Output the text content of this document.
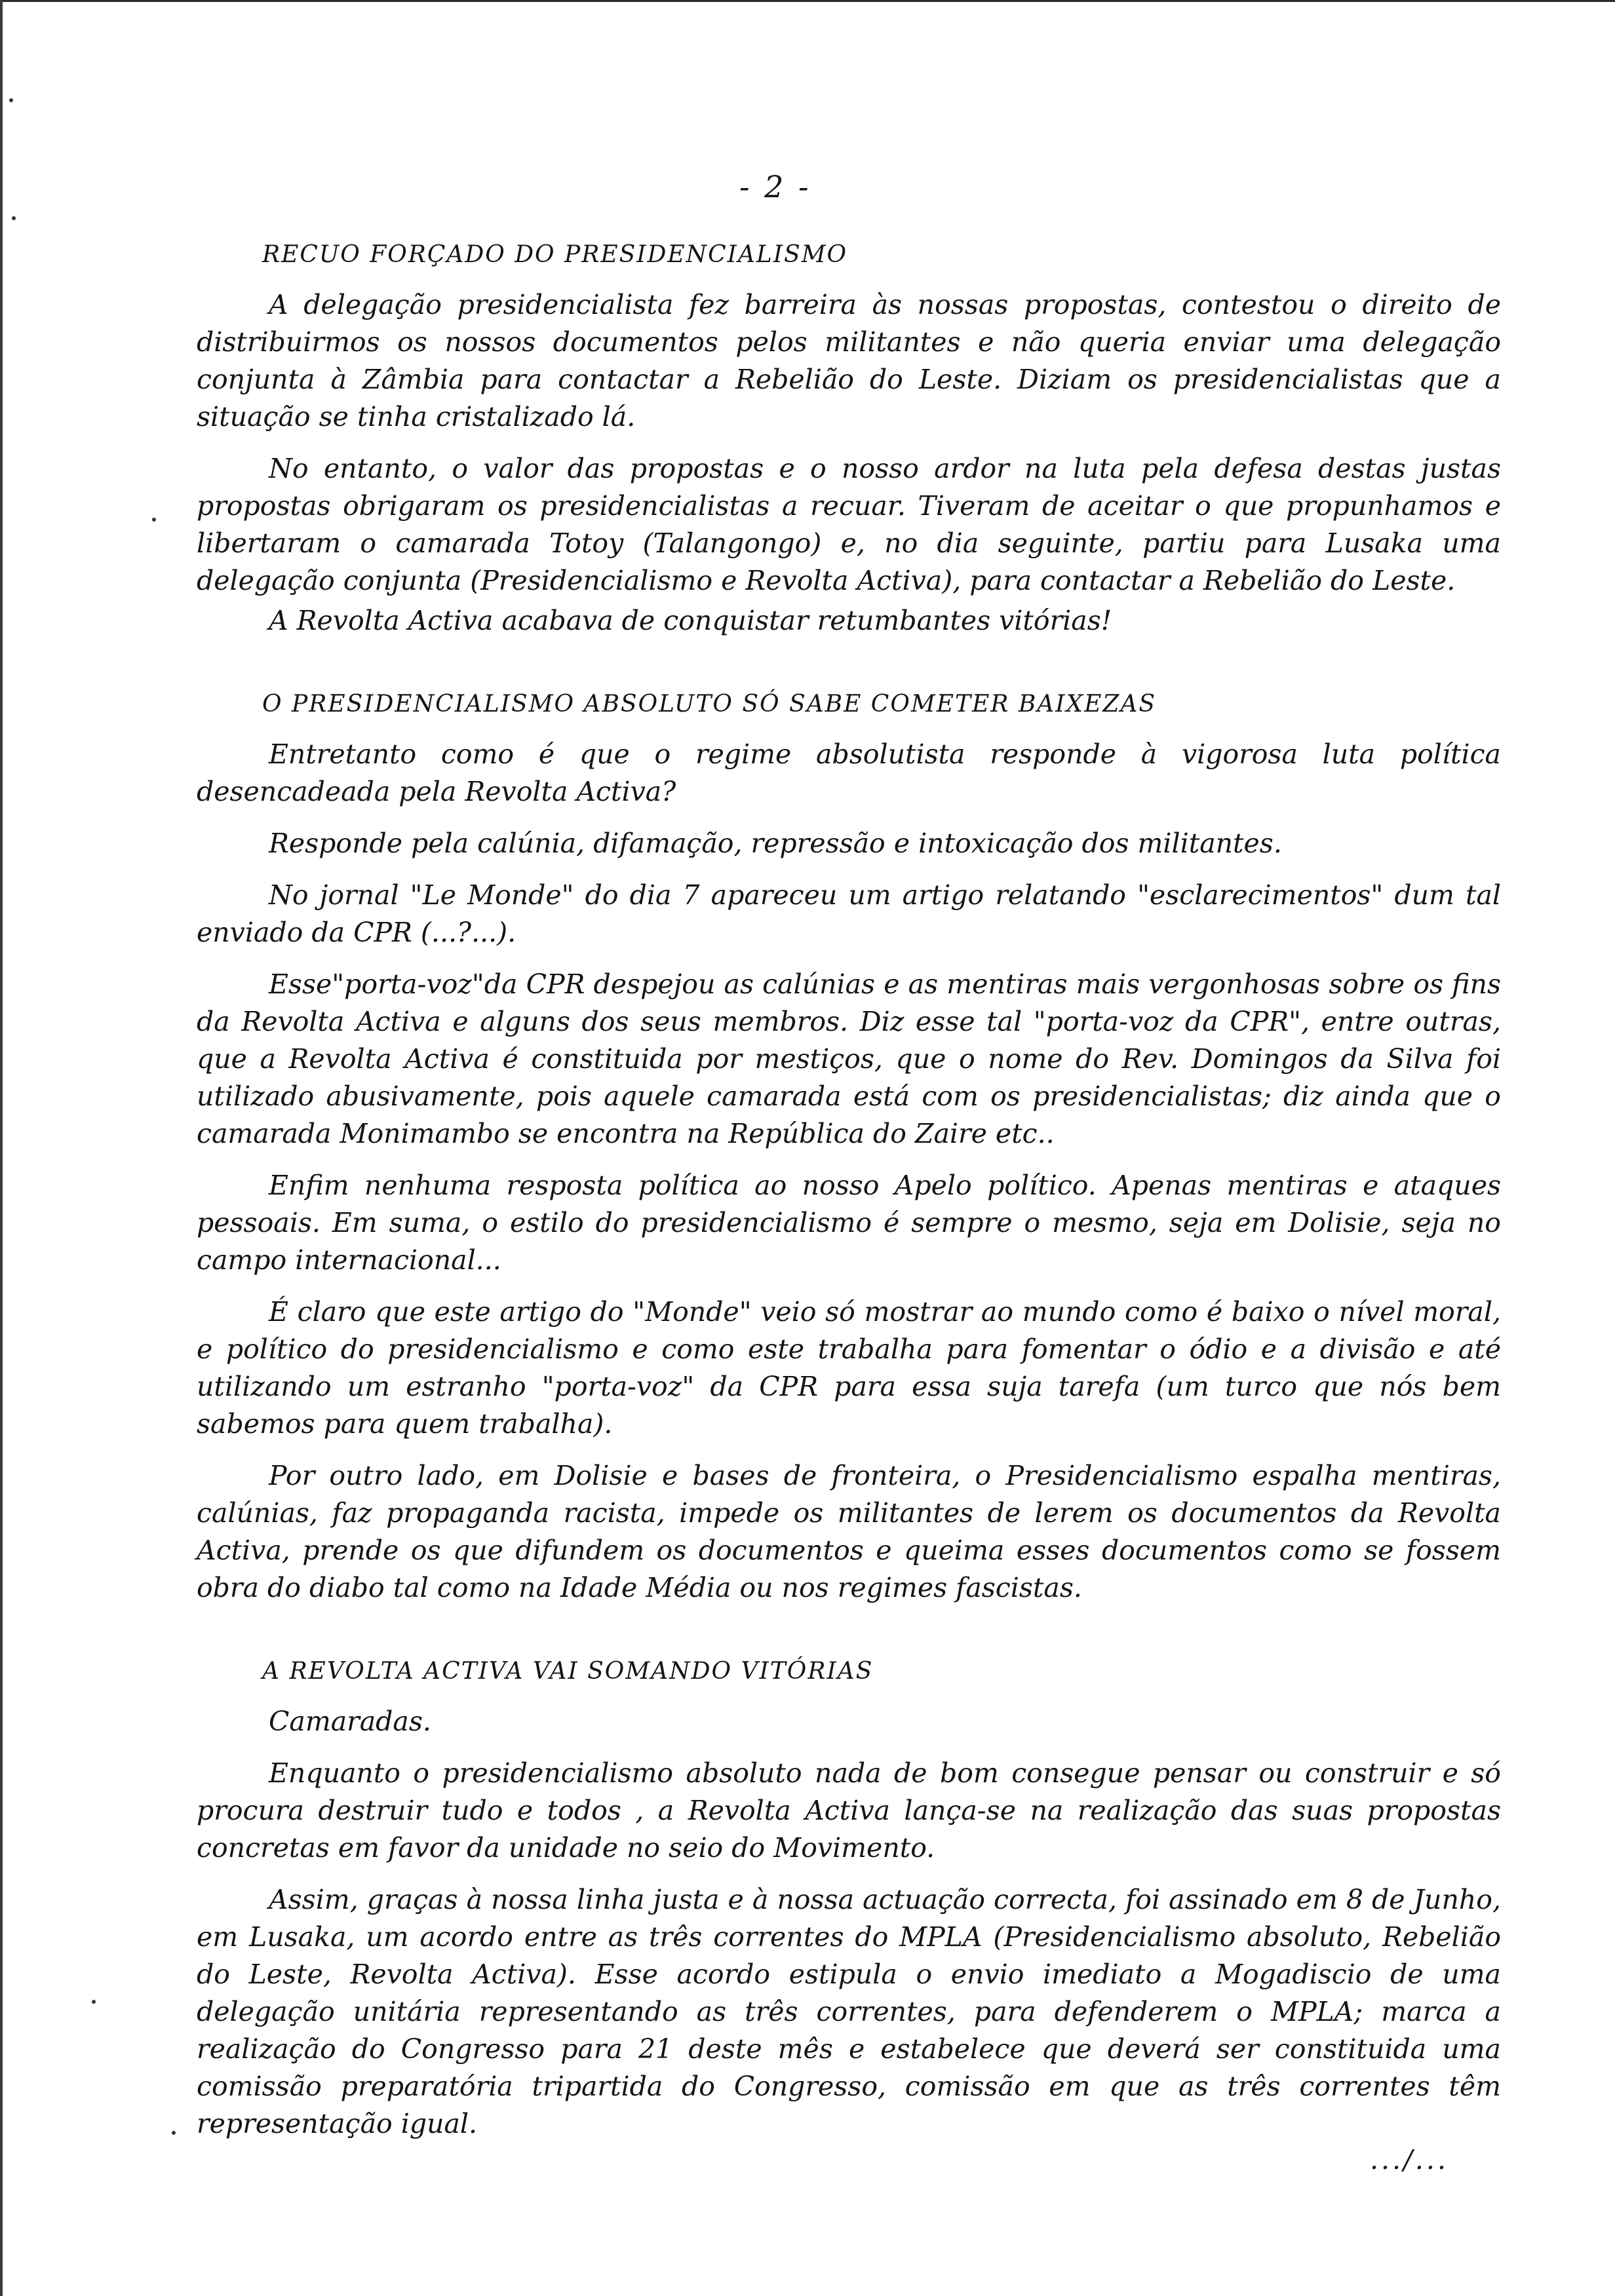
- 2 -
RECUO FORÇADO DO PRESIDENCIALISMO

A delegação presidencialista fez barreira às nossas propostas, contestou o direito de distribuirmos os nossos documentos pelos militantes e não queria enviar uma delegação conjunta à Zâmbia para contactar a Rebelião do Leste. Diziam os presidencialistas que a situação se tinha cristalizado lá.

No entanto, o valor das propostas e o nosso ardor na luta pela defesa destas justas propostas obrigaram os presidencialistas a recuar. Tiveram de aceitar o que propunhamos e libertaram o camarada Totoy (Talangongo) e, no dia seguinte, partiu para Lusaka uma delegação conjunta (Presidencialismo e Revolta Activa), para contactar a Rebelião do Leste.

A Revolta Activa acabava de conquistar retumbantes vitórias!

O PRESIDENCIALISMO ABSOLUTO SÓ SABE COMETER BAIXEZAS

Entretanto como é que o regime absolutista responde à vigorosa luta política desencadeada pela Revolta Activa?

Responde pela calúnia, difamação, repressão e intoxicação dos militantes.

No jornal "Le Monde" do dia 7 apareceu um artigo relatando "esclarecimentos" dum tal enviado da CPR (...?...).

Esse"porta-voz"da CPR despejou as calúnias e as mentiras mais vergonhosas sobre os fins da Revolta Activa e alguns dos seus membros. Diz esse tal "porta-voz da CPR", entre outras, que a Revolta Activa é constituida por mestiços, que o nome do Rev. Domingos da Silva foi utilizado abusivamente, pois aquele camarada está com os presidencialistas; diz ainda que o camarada Monimambo se encontra na República do Zaire etc..

Enfim nenhuma resposta política ao nosso Apelo político. Apenas mentiras e ataques pessoais. Em suma, o estilo do presidencialismo é sempre o mesmo, seja em Dolisie, seja no campo internacional...

É claro que este artigo do "Monde" veio só mostrar ao mundo como é baixo o nível moral, e político do presidencialismo e como este trabalha para fomentar o ódio e a divisão e até utilizando um estranho "porta-voz" da CPR para essa suja tarefa (um turco que nós bem sabemos para quem trabalha).

Por outro lado, em Dolisie e bases de fronteira, o Presidencialismo espalha mentiras, calúnias, faz propaganda racista, impede os militantes de lerem os documentos da Revolta Activa, prende os que difundem os documentos e queima esses documentos como se fossem obra do diabo tal como na Idade Média ou nos regimes fascistas.

A REVOLTA ACTIVA VAI SOMANDO VITÓRIAS

Camaradas.

Enquanto o presidencialismo absoluto nada de bom consegue pensar ou construir e só procura destruir tudo e todos , a Revolta Activa lança-se na realização das suas propostas concretas em favor da unidade no seio do Movimento.

Assim, graças à nossa linha justa e à nossa actuação correcta, foi assinado em 8 de Junho, em Lusaka, um acordo entre as três correntes do MPLA (Presidencialismo absoluto, Rebelião do Leste, Revolta Activa). Esse acordo estipula o envio imediato a Mogadiscio de uma delegação unitária representando as três correntes, para defenderem o MPLA; marca a realização do Congresso para 21 deste mês e estabelece que deverá ser constituida uma comissão preparatória tripartida do Congresso, comissão em que as três correntes têm representação igual.

.../...
